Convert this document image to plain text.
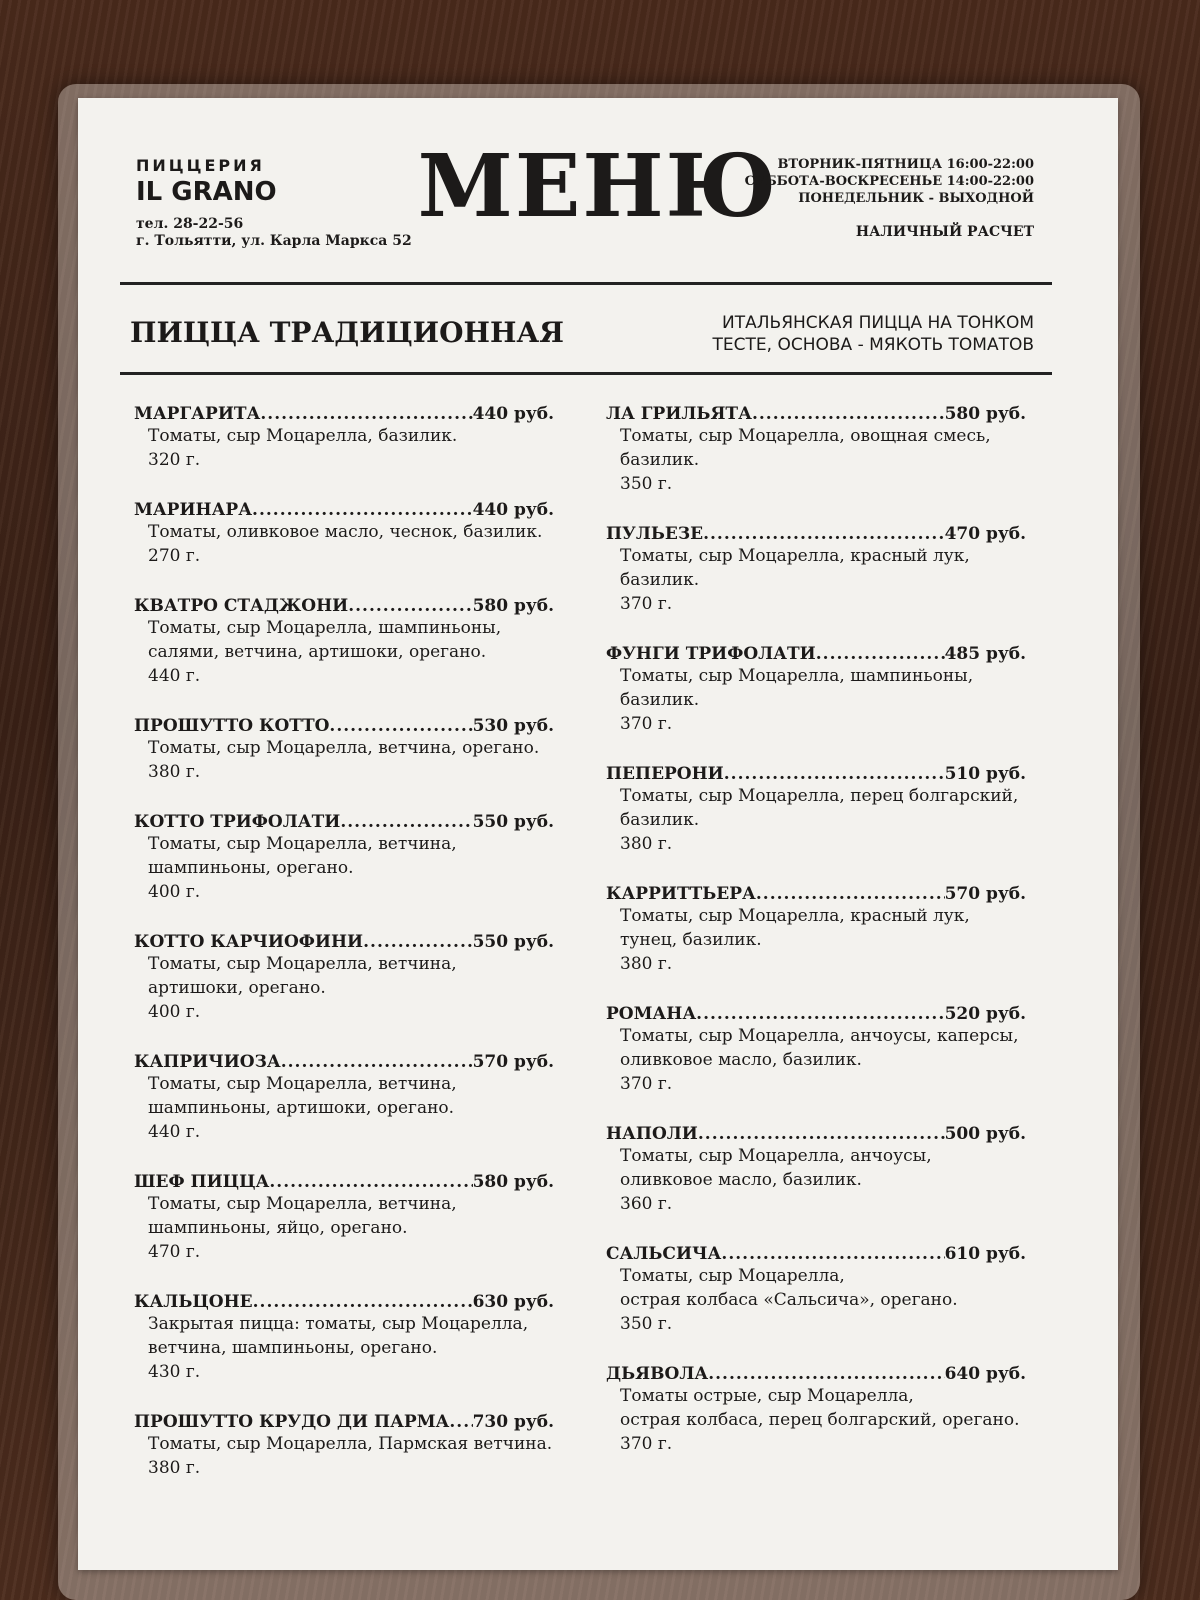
ПИЦЦЕРИЯ
IL GRANO
тел. 28-22-56
г. Тольятти, ул. Карла Маркса 52
МЕНЮ ВТОРНИК-ПЯТНИЦА 16:00-22:00
СУББОТА-ВОСКРЕСЕНЬЕ 14:00-22:00
ПОНЕДЕЛЬНИК - ВЫХОДНОЙ
НАЛИЧНЫЙ РАСЧЕТ
ПИЦЦА ТРАДИЦИОННАЯ	ИТАЛЬЯНСКАЯ ПИЦЦА НА ТОНКОМ
ТЕСТЕ, ОСНОВА - МЯКОТЬ ТОМАТОВ
МАРГАРИТА .....	440 руб.
Томаты, сыр Моцарелла, базилик.
320 г.
МАРИНАРА .....	440 руб.
Томаты, оливковое масло, чеснок, базилик.
270 г.
КВАТРО СТАДЖОНИ .....	580 руб.
Томаты, сыр Моцарелла, шампиньоны,
салями, ветчина, артишоки, орегано.
440 г.
ПРОШУТТО КОТТО .....	530 руб.
Томаты, сыр Моцарелла, ветчина, орегано.
380 г.
КОТТО ТРИФОЛАТИ .....	550 руб.
Томаты, сыр Моцарелла, ветчина,
шампиньоны, орегано.
400 г.
КОТТО КАРЧИОФИНИ .....	550 руб.
Томаты, сыр Моцарелла, ветчина,
артишоки, орегано.
400 г.
КАПРИЧИОЗА .....	570 руб.
Томаты, сыр Моцарелла, ветчина,
шампиньоны, артишоки, орегано.
440 г.
ШЕФ ПИЦЦА .....	580 руб.
Томаты, сыр Моцарелла, ветчина,
шампиньоны, яйцо, орегано.
470 г.
КАЛЬЦОНЕ .....	630 руб.
Закрытая пицца: томаты, сыр Моцарелла,
ветчина, шампиньоны, орегано.
430 г.
ПРОШУТТО КРУДО ДИ ПАРМА ..... 730 руб.
Томаты, сыр Моцарелла, Пармская ветчина.
380 г.
ЛА ГРИЛЬЯТА .....	580 руб.
Томаты, сыр Моцарелла, овощная смесь,
базилик.
350 г.
ПУЛЬЕЗЕ .....	470 руб.
Томаты, сыр Моцарелла, красный лук,
базилик.
370 г.
ФУНГИ ТРИФОЛАТИ .....	485 руб.
Томаты, сыр Моцарелла, шампиньоны,
базилик.
370 г.
ПЕПЕРОНИ .....	510 руб.
Томаты, сыр Моцарелла, перец болгарский,
базилик.
380 г.
КАРРИТТЬЕРА .....	570 руб.
Томаты, сыр Моцарелла, красный лук,
тунец, базилик.
380 г.
РОМАНА .....	520 руб.
Томаты, сыр Моцарелла, анчоусы, каперсы,
оливковое масло, базилик.
370 г.
НАПОЛИ .....	500 руб.
Томаты, сыр Моцарелла, анчоусы,
оливковое масло, базилик.
360 г.
САЛЬСИЧА .....	610 руб.
Томаты, сыр Моцарелла,
острая колбаса «Сальсича», орегано.
350 г.
ДЬЯВОЛА .....	640 руб.
Томаты острые, сыр Моцарелла,
острая колбаса, перец болгарский, орегано.
370 г.
